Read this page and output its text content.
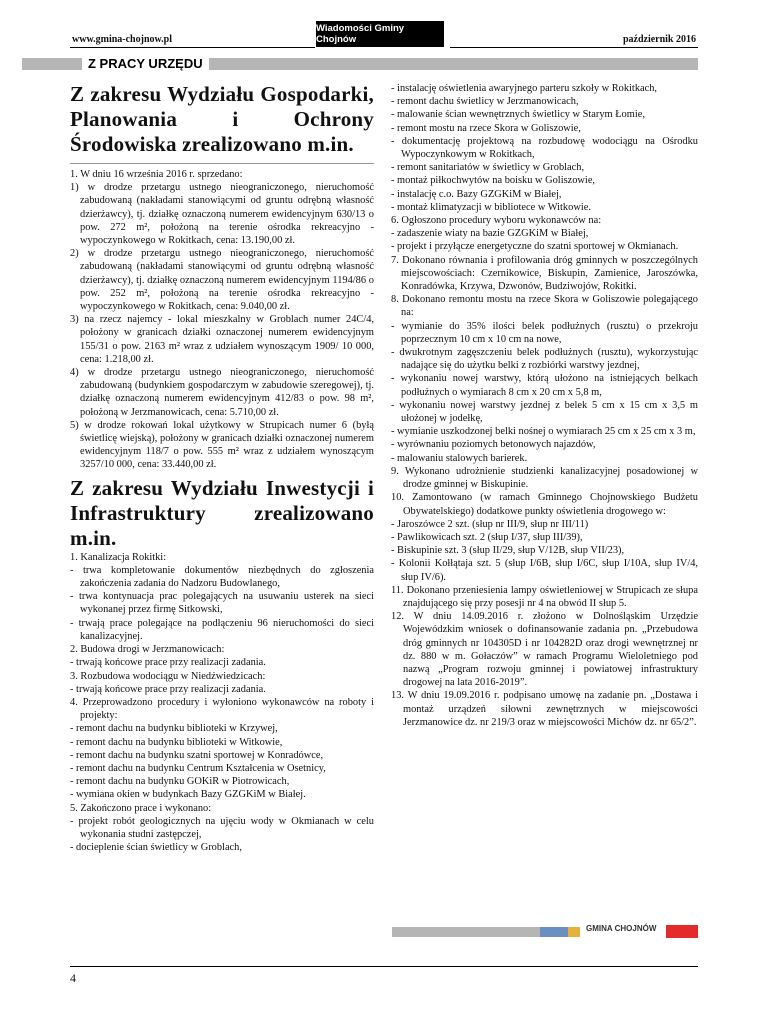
www.gmina-chojnow.pl
Wiadomości Gminy Chojnów	październik 2016
Z PRACY URZĘDU
Z zakresu Wydziału Gospodarki, Planowania i Ochrony Środowiska zrealizowano m.in.

1. W dniu 16 września 2016 r. sprzedano:

1) w drodze przetargu ustnego nieograniczonego, nieruchomość zabudowaną (nakładami stanowiącymi od gruntu odrębną własność dzierżawcy), tj. działkę oznaczoną numerem ewidencyjnym 630/13 o pow. 272 m², położoną na terenie ośrodka rekreacyjno - wypoczynkowego w Rokitkach, cena: 13.190,00 zł.

2) w drodze przetargu ustnego nieograniczonego, nieruchomość zabudowaną (nakładami stanowiącymi od gruntu odrębną własność dzierżawcy), tj. działkę oznaczoną numerem ewidencyjnym 1194/86 o pow. 252 m², położoną na terenie ośrodka rekreacyjno - wypoczynkowego w Rokitkach, cena: 9.040,00 zł.

3) na rzecz najemcy - lokal mieszkalny w Groblach numer 24C/4, położony w granicach działki oznaczonej numerem ewidencyjnym 155/31 o pow. 2163 m² wraz z udziałem wynoszącym 1909/ 10 000, cena: 1.218,00 zł.

4) w drodze przetargu ustnego nieograniczonego, nieruchomość zabudowaną (budynkiem gospodarczym w zabudowie szeregowej), tj. działkę oznaczoną numerem ewidencyjnym 412/83 o pow. 98 m², położoną w Jerzmanowicach, cena: 5.710,00 zł.

5) w drodze rokowań lokal użytkowy w Strupicach numer 6 (byłą świetlicę wiejską), położony w granicach działki oznaczonej numerem ewidencyjnym 118/7 o pow. 555 m² wraz z udziałem wynoszącym 3257/10 000, cena: 33.440,00 zł.

Z zakresu Wydziału Inwestycji i Infrastruktury zrealizowano m.in.

1. Kanalizacja Rokitki:

- trwa kompletowanie dokumentów niezbędnych do zgłoszenia zakończenia zadania do Nadzoru Budowlanego,

- trwa kontynuacja prac polegających na usuwaniu usterek na sieci wykonanej przez firmę Sitkowski,

- trwają prace polegające na podłączeniu 96 nieruchomości do sieci kanalizacyjnej.

2. Budowa drogi w Jerzmanowicach:

- trwają końcowe prace przy realizacji zadania.

3. Rozbudowa wodociągu w Niedźwiedzicach:

- trwają końcowe prace przy realizacji zadania.

4. Przeprowadzono procedury i wyłoniono wykonawców na roboty i projekty:

- remont dachu na budynku biblioteki w Krzywej,

- remont dachu na budynku biblioteki w Witkowie,

- remont dachu na budynku szatni sportowej w Konradówce,

- remont dachu na budynku Centrum Kształcenia w Osetnicy,

- remont dachu na budynku GOKiR w Piotrowicach,

- wymiana okien w budynkach Bazy GZGKiM w Białej.

5. Zakończono prace i wykonano:

- projekt robót geologicznych na ujęciu wody w Okmianach w celu wykonania studni zastępczej,

- docieplenie ścian świetlicy w Groblach,

- instalację oświetlenia awaryjnego parteru szkoły w Rokitkach,

- remont dachu świetlicy w Jerzmanowicach,

- malowanie ścian wewnętrznych świetlicy w Starym Łomie,

- remont mostu na rzece Skora w Goliszowie,

- dokumentację projektową na rozbudowę wodociągu na Ośrodku Wypoczynkowym w Rokitkach,

- remont sanitariatów w świetlicy w Groblach,

- montaż piłkochwytów na boisku w Goliszowie,

- instalację c.o. Bazy GZGKiM w Białej,

- montaż klimatyzacji w bibliotece w Witkowie.

6. Ogłoszono procedury wyboru wykonawców na:

- zadaszenie wiaty na bazie GZGKiM w Białej,

- projekt i przyłącze energetyczne do szatni sportowej w Okmianach.

7. Dokonano równania i profilowania dróg gminnych w poszczególnych miejscowościach: Czernikowice, Biskupin, Zamienice, Jaroszówka, Konradówka, Krzywa, Dzwonów, Budziwojów, Rokitki.

8. Dokonano remontu mostu na rzece Skora w Goliszowie polegającego na:

- wymianie do 35% ilości belek podłużnych (rusztu) o przekroju poprzecznym 10 cm x 10 cm na nowe,

- dwukrotnym zagęszczeniu belek podłużnych (rusztu), wykorzystując nadające się do użytku belki z rozbiórki warstwy jezdnej,

- wykonaniu nowej warstwy, którą ułożono na istniejących belkach podłużnych o wymiarach 8 cm x 20 cm x 5,8 m,

- wykonaniu nowej warstwy jezdnej z belek 5 cm x 15 cm x 3,5 m ułożonej w jodełkę,

- wymianie uszkodzonej belki nośnej o wymiarach 25 cm x 25 cm x 3 m,

- wyrównaniu poziomych betonowych najazdów,

- malowaniu stalowych barierek.

9. Wykonano udrożnienie studzienki kanalizacyjnej posadowionej w drodze gminnej w Biskupinie.

10. Zamontowano (w ramach Gminnego Chojnowskiego Budżetu Obywatelskiego) dodatkowe punkty oświetlenia drogowego w:

- Jaroszówce 2 szt. (słup nr III/9, słup nr III/11)

- Pawlikowicach szt. 2 (słup I/37, słup III/39),

- Biskupinie szt. 3 (słup II/29, słup V/12B, słup VII/23),

- Kolonii Kołłątaja szt. 5 (słup I/6B, słup I/6C, słup I/10A, słup IV/4, słup IV/6).

11. Dokonano przeniesienia lampy oświetleniowej w Strupicach ze słupa znajdującego się przy posesji nr 4 na obwód II słup 5.

12. W dniu 14.09.2016 r. złożono w Dolnośląskim Urzędzie Wojewódzkim wniosek o dofinansowanie zadania pn. „Przebudowa dróg gminnych nr 104305D i nr 104282D oraz drogi wewnętrznej nr dz. 880 w m. Gołaczów” w ramach Programu Wieloletniego pod nazwą „Program rozwoju gminnej i powiatowej infrastruktury drogowej na lata 2016-2019”.

13. W dniu 19.09.2016 r. podpisano umowę na zadanie pn. „Dostawa i montaż urządzeń siłowni zewnętrznych w miejscowości Jerzmanowice dz. nr 219/3 oraz w miejscowości Michów dz. nr 65/2”.

GMINA CHOJNÓW
4
